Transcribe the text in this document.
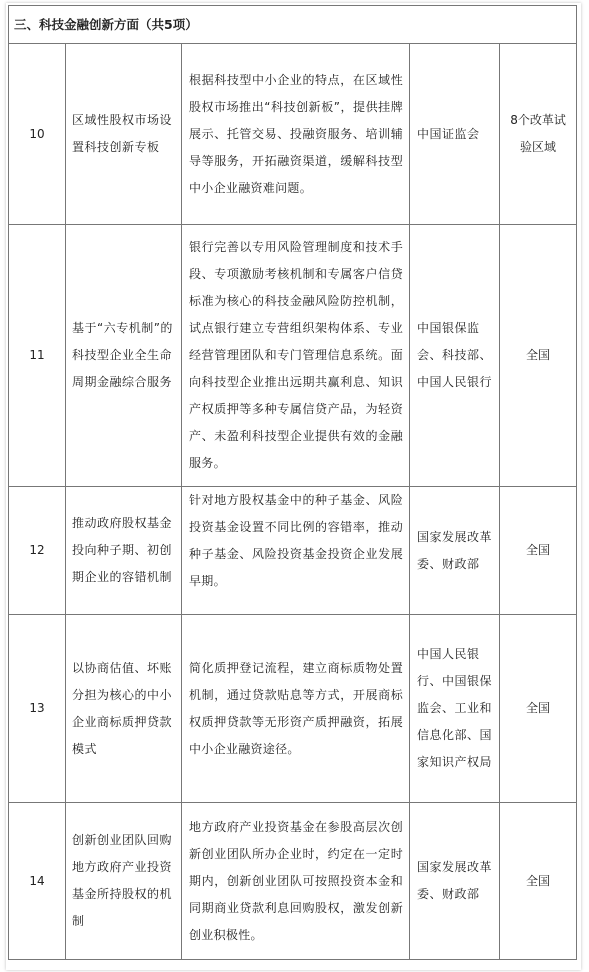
三、科技金融创新方面（共5项）				
10	区域性股权市场设置科技创新专板	根据科技型中小企业的特点，在区域性股权市场推出“科技创新板”，提供挂牌展示、托管交易、投融资服务、培训辅导等服务，开拓融资渠道，缓解科技型中小企业融资难问题。	中国证监会	8个改革试验区域
11	基于“六专机制”的科技型企业全生命周期金融综合服务	银行完善以专用风险管理制度和技术手段、专项激励考核机制和专属客户信贷标准为核心的科技金融风险防控机制，试点银行建立专营组织架构体系、专业经营管理团队和专门管理信息系统。面向科技型企业推出远期共赢利息、知识产权质押等多种专属信贷产品，为轻资产、未盈利科技型企业提供有效的金融服务。	中国银保监会、科技部、中国人民银行	全国
12	推动政府股权基金投向种子期、初创期企业的容错机制	针对地方股权基金中的种子基金、风险投资基金设置不同比例的容错率，推动种子基金、风险投资基金投资企业发展早期。	国家发展改革委、财政部	全国
13	以协商估值、坏账分担为核心的中小企业商标质押贷款模式	简化质押登记流程，建立商标质物处置机制，通过贷款贴息等方式，开展商标权质押贷款等无形资产质押融资，拓展中小企业融资途径。	中国人民银行、中国银保监会、工业和信息化部、国家知识产权局	全国
14	创新创业团队回购地方政府产业投资基金所持股权的机制	地方政府产业投资基金在参股高层次创新创业团队所办企业时，约定在一定时期内，创新创业团队可按照投资本金和同期商业贷款利息回购股权，激发创新创业积极性。	国家发展改革委、财政部	全国
